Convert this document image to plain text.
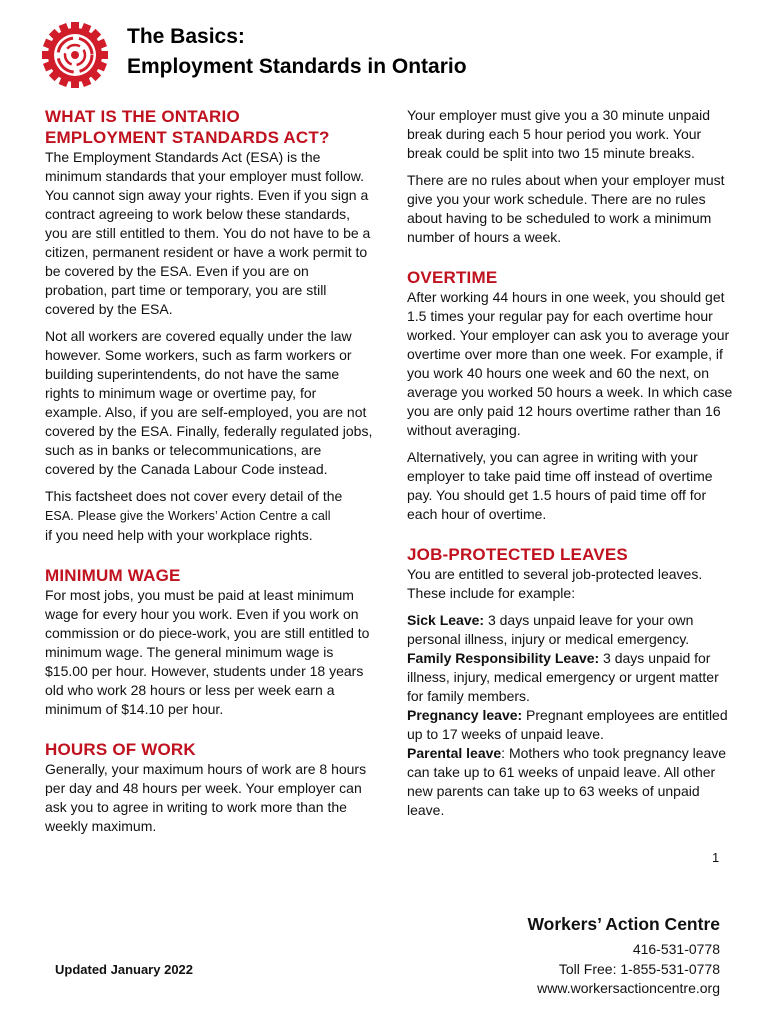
The Basics:
Employment Standards in Ontario
WHAT IS THE ONTARIO EMPLOYMENT STANDARDS ACT?

The Employment Standards Act (ESA) is the minimum standards that your employer must follow. You cannot sign away your rights. Even if you sign a contract agreeing to work below these standards, you are still entitled to them. You do not have to be a citizen, permanent resident or have a work permit to be covered by the ESA. Even if you are on probation, part time or temporary, you are still covered by the ESA.

Not all workers are covered equally under the law however. Some workers, such as farm workers or building superintendents, do not have the same rights to minimum wage or overtime pay, for example. Also, if you are self-employed, you are not covered by the ESA. Finally, federally regulated jobs, such as in banks or telecommunications, are covered by the Canada Labour Code instead.

This factsheet does not cover every detail of the
ESA. Please give the Workers’ Action Centre a call
if you need help with your workplace rights.

MINIMUM WAGE

For most jobs, you must be paid at least minimum wage for every hour you work. Even if you work on commission or do piece-work, you are still entitled to minimum wage. The general minimum wage is $15.00 per hour. However, students under 18 years old who work 28 hours or less per week earn a minimum of $14.10 per hour.

HOURS OF WORK

Generally, your maximum hours of work are 8 hours per day and 48 hours per week. Your employer can ask you to agree in writing to work more than the weekly maximum.

Your employer must give you a 30 minute unpaid break during each 5 hour period you work. Your break could be split into two 15 minute breaks.

There are no rules about when your employer must give you your work schedule. There are no rules about having to be scheduled to work a minimum number of hours a week.

OVERTIME

After working 44 hours in one week, you should get 1.5 times your regular pay for each overtime hour worked. Your employer can ask you to average your overtime over more than one week. For example, if you work 40 hours one week and 60 the next, on average you worked 50 hours a week. In which case you are only paid 12 hours overtime rather than 16 without averaging.

Alternatively, you can agree in writing with your employer to take paid time off instead of overtime pay. You should get 1.5 hours of paid time off for each hour of overtime.

JOB-PROTECTED LEAVES

You are entitled to several job-protected leaves. These include for example:

Sick Leave: 3 days unpaid leave for your own personal illness, injury or medical emergency.

Family Responsibility Leave: 3 days unpaid for illness, injury, medical emergency or urgent matter for family members.

Pregnancy leave: Pregnant employees are entitled up to 17 weeks of unpaid leave.

Parental leave: Mothers who took pregnancy leave can take up to 61 weeks of unpaid leave. All other new parents can take up to 63 weeks of unpaid leave.

1
Updated January 2022
Workers’ Action Centre
416-531-0778
Toll Free: 1-855-531-0778
www.workersactioncentre.org
